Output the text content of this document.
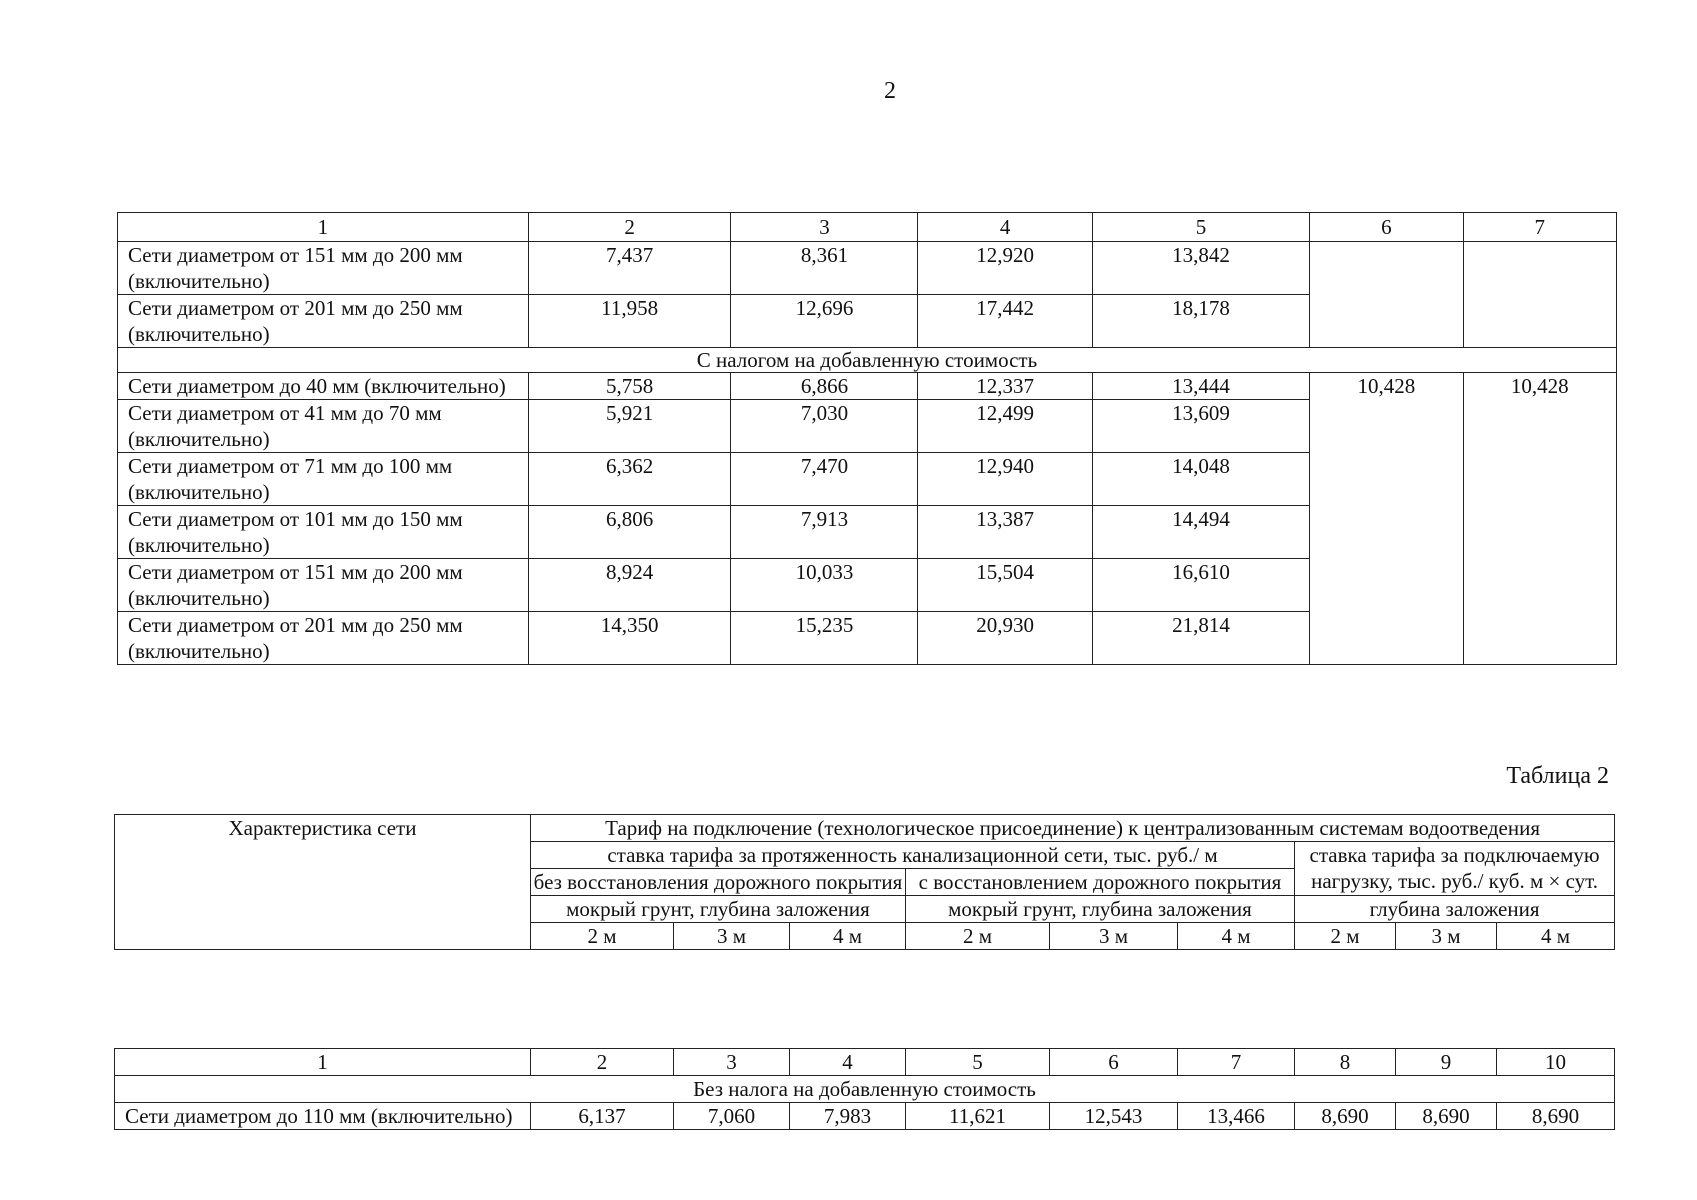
2
1	2	3	4	5	6	7
Сети диаметром от 151 мм до 200 мм (включительно)	7,437	8,361	12,920	13,842		
Сети диаметром от 201 мм до 250 мм (включительно)	11,958	12,696	17,442	18,178		
С налогом на добавленную стоимость						
Сети диаметром до 40 мм (включительно)	5,758	6,866	12,337	13,444	10,428	10,428
Сети диаметром от 41 мм до 70 мм (включительно)	5,921	7,030	12,499	13,609		
Сети диаметром от 71 мм до 100 мм (включительно)	6,362	7,470	12,940	14,048		
Сети диаметром от 101 мм до 150 мм (включительно)	6,806	7,913	13,387	14,494		
Сети диаметром от 151 мм до 200 мм (включительно)	8,924	10,033	15,504	16,610		
Сети диаметром от 201 мм до 250 мм (включительно)	14,350	15,235	20,930	21,814		
Таблица 2
Характеристика сети	Тариф на подключение (технологическое присоединение) к централизованным системам водоотведения								
	ставка тарифа за протяженность канализационной сети, тыс. руб./ м						ставка тарифа за подключаемую нагрузку, тыс. руб./ куб. м × сут.		
	без восстановления дорожного покрытия			с восстановлением дорожного покрытия					
	мокрый грунт, глубина заложения			мокрый грунт, глубина заложения			глубина заложения		
	2 м	3 м	4 м	2 м	3 м	4 м	2 м	3 м	4 м
1	2	3	4	5	6	7	8	9	10
Без налога на добавленную стоимость									
Сети диаметром до 110 мм (включительно)	6,137	7,060	7,983	11,621	12,543	13,466	8,690	8,690	8,690
